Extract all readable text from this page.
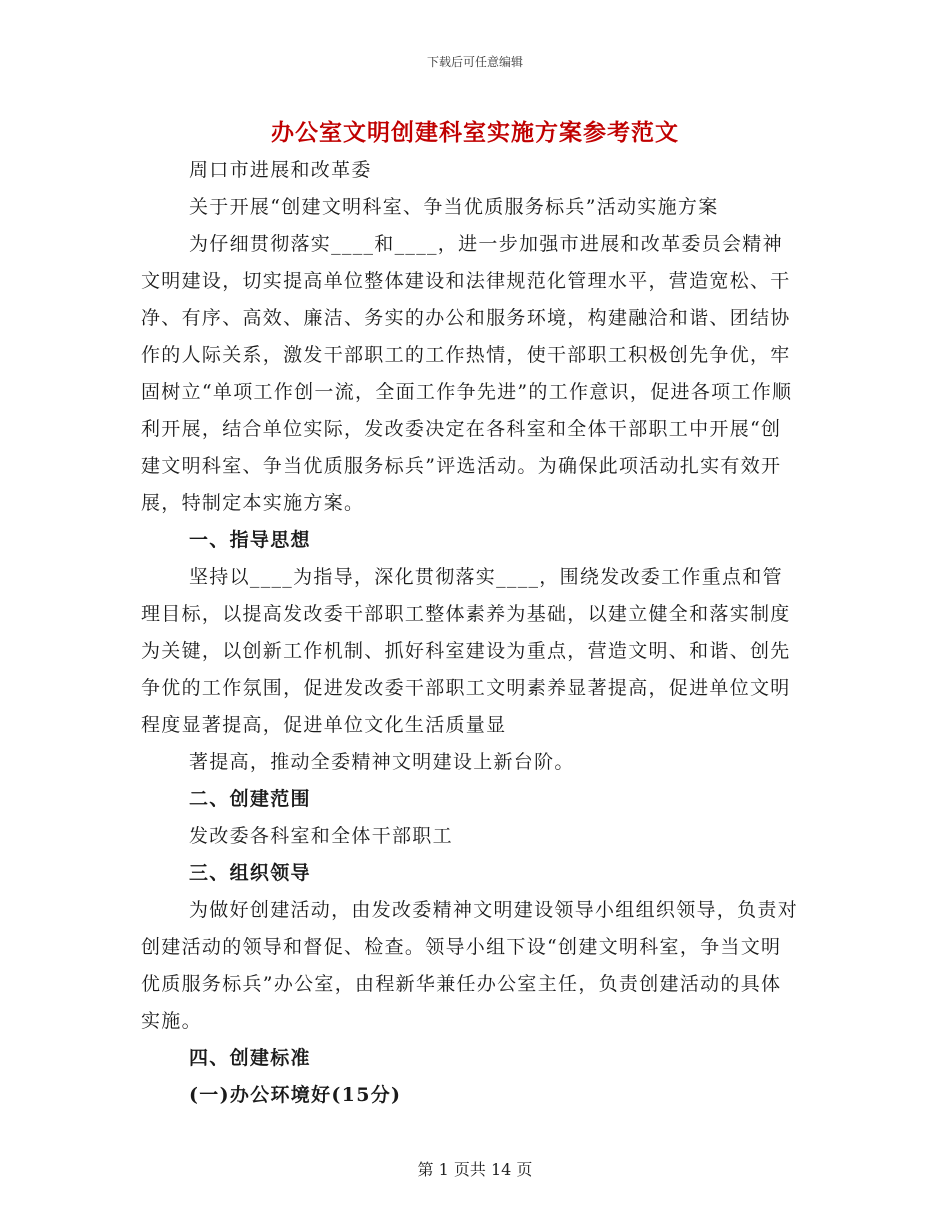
下载后可任意编辑
办公室文明创建科室实施方案参考范文

周口市进展和改革委

关于开展“创建文明科室、争当优质服务标兵”活动实施方案

为仔细贯彻落实____和____，进一步加强市进展和改革委员会精神文明建设，切实提高单位整体建设和法律规范化管理水平，营造宽松、干净、有序、高效、廉洁、务实的办公和服务环境，构建融洽和谐、团结协作的人际关系，激发干部职工的工作热情，使干部职工积极创先争优，牢固树立“单项工作创一流，全面工作争先进”的工作意识，促进各项工作顺利开展，结合单位实际，发改委决定在各科室和全体干部职工中开展“创建文明科室、争当优质服务标兵”评选活动。为确保此项活动扎实有效开展，特制定本实施方案。

一、指导思想

坚持以____为指导，深化贯彻落实____，围绕发改委工作重点和管理目标，以提高发改委干部职工整体素养为基础，以建立健全和落实制度为关键，以创新工作机制、抓好科室建设为重点，营造文明、和谐、创先争优的工作氛围，促进发改委干部职工文明素养显著提高，促进单位文明程度显著提高，促进单位文化生活质量显

著提高，推动全委精神文明建设上新台阶。

二、创建范围

发改委各科室和全体干部职工

三、组织领导

为做好创建活动，由发改委精神文明建设领导小组组织领导，负责对创建活动的领导和督促、检查。领导小组下设“创建文明科室，争当文明优质服务标兵”办公室，由程新华兼任办公室主任，负责创建活动的具体实施。

四、创建标准

(一)办公环境好(15分)

第 1 页共 14 页
